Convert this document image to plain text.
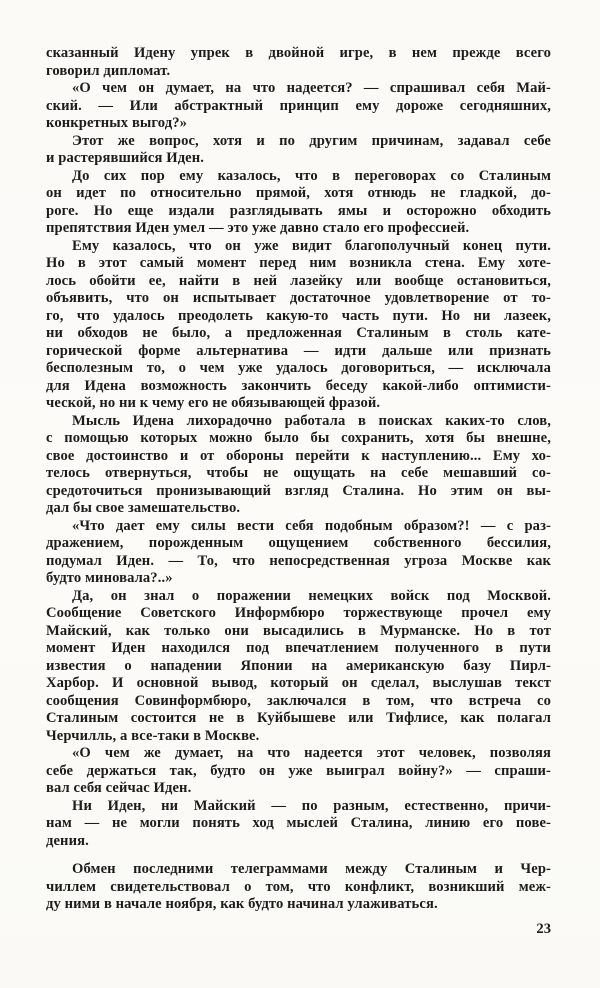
сказанный Идену упрек в двойной игре, в нем прежде всего
говорил дипломат.
«О чем он думает, на что надеется? — спрашивал себя Май-
ский. — Или абстрактный принцип ему дороже сегодняшних,
конкретных выгод?»
Этот же вопрос, хотя и по другим причинам, задавал себе
и растерявшийся Иден.
До сих пор ему казалось, что в переговорах со Сталиным
он идет по относительно прямой, хотя отнюдь не гладкой, до-
роге. Но еще издали разглядывать ямы и осторожно обходить
препятствия Иден умел — это уже давно стало его профессией.
Ему казалось, что он уже видит благополучный конец пути.
Но в этот самый момент перед ним возникла стена. Ему хоте-
лось обойти ее, найти в ней лазейку или вообще остановиться,
объявить, что он испытывает достаточное удовлетворение от то-
го, что удалось преодолеть какую-то часть пути. Но ни лазеек,
ни обходов не было, а предложенная Сталиным в столь кате-
горической форме альтернатива — идти дальше или признать
бесполезным то, о чем уже удалось договориться, — исключала
для Идена возможность закончить беседу какой-либо оптимисти-
ческой, но ни к чему его не обязывающей фразой.
Мысль Идена лихорадочно работала в поисках каких-то слов,
с помощью которых можно было бы сохранить, хотя бы внешне,
свое достоинство и от обороны перейти к наступлению... Ему хо-
телось отвернуться, чтобы не ощущать на себе мешавший со-
средоточиться пронизывающий взгляд Сталина. Но этим он вы-
дал бы свое замешательство.
«Что дает ему силы вести себя подобным образом?! — с раз-
дражением, порожденным ощущением собственного бессилия,
подумал Иден. — То, что непосредственная угроза Москве как
будто миновала?..»
Да, он знал о поражении немецких войск под Москвой.
Сообщение Советского Информбюро торжествующе прочел ему
Майский, как только они высадились в Мурманске. Но в тот
момент Иден находился под впечатлением полученного в пути
известия о нападении Японии на американскую базу Пирл-
Харбор. И основной вывод, который он сделал, выслушав текст
сообщения Совинформбюро, заключался в том, что встреча со
Сталиным состоится не в Куйбышеве или Тифлисе, как полагал
Черчилль, а все-таки в Москве.
«О чем же думает, на что надеется этот человек, позволяя
себе держаться так, будто он уже выиграл войну?» — спраши-
вал себя сейчас Иден.
Ни Иден, ни Майский — по разным, естественно, причи-
нам — не могли понять ход мыслей Сталина, линию его пове-
дения.
Обмен последними телеграммами между Сталиным и Чер-
чиллем свидетельствовал о том, что конфликт, возникший меж-
ду ними в начале ноября, как будто начинал улаживаться.
23
